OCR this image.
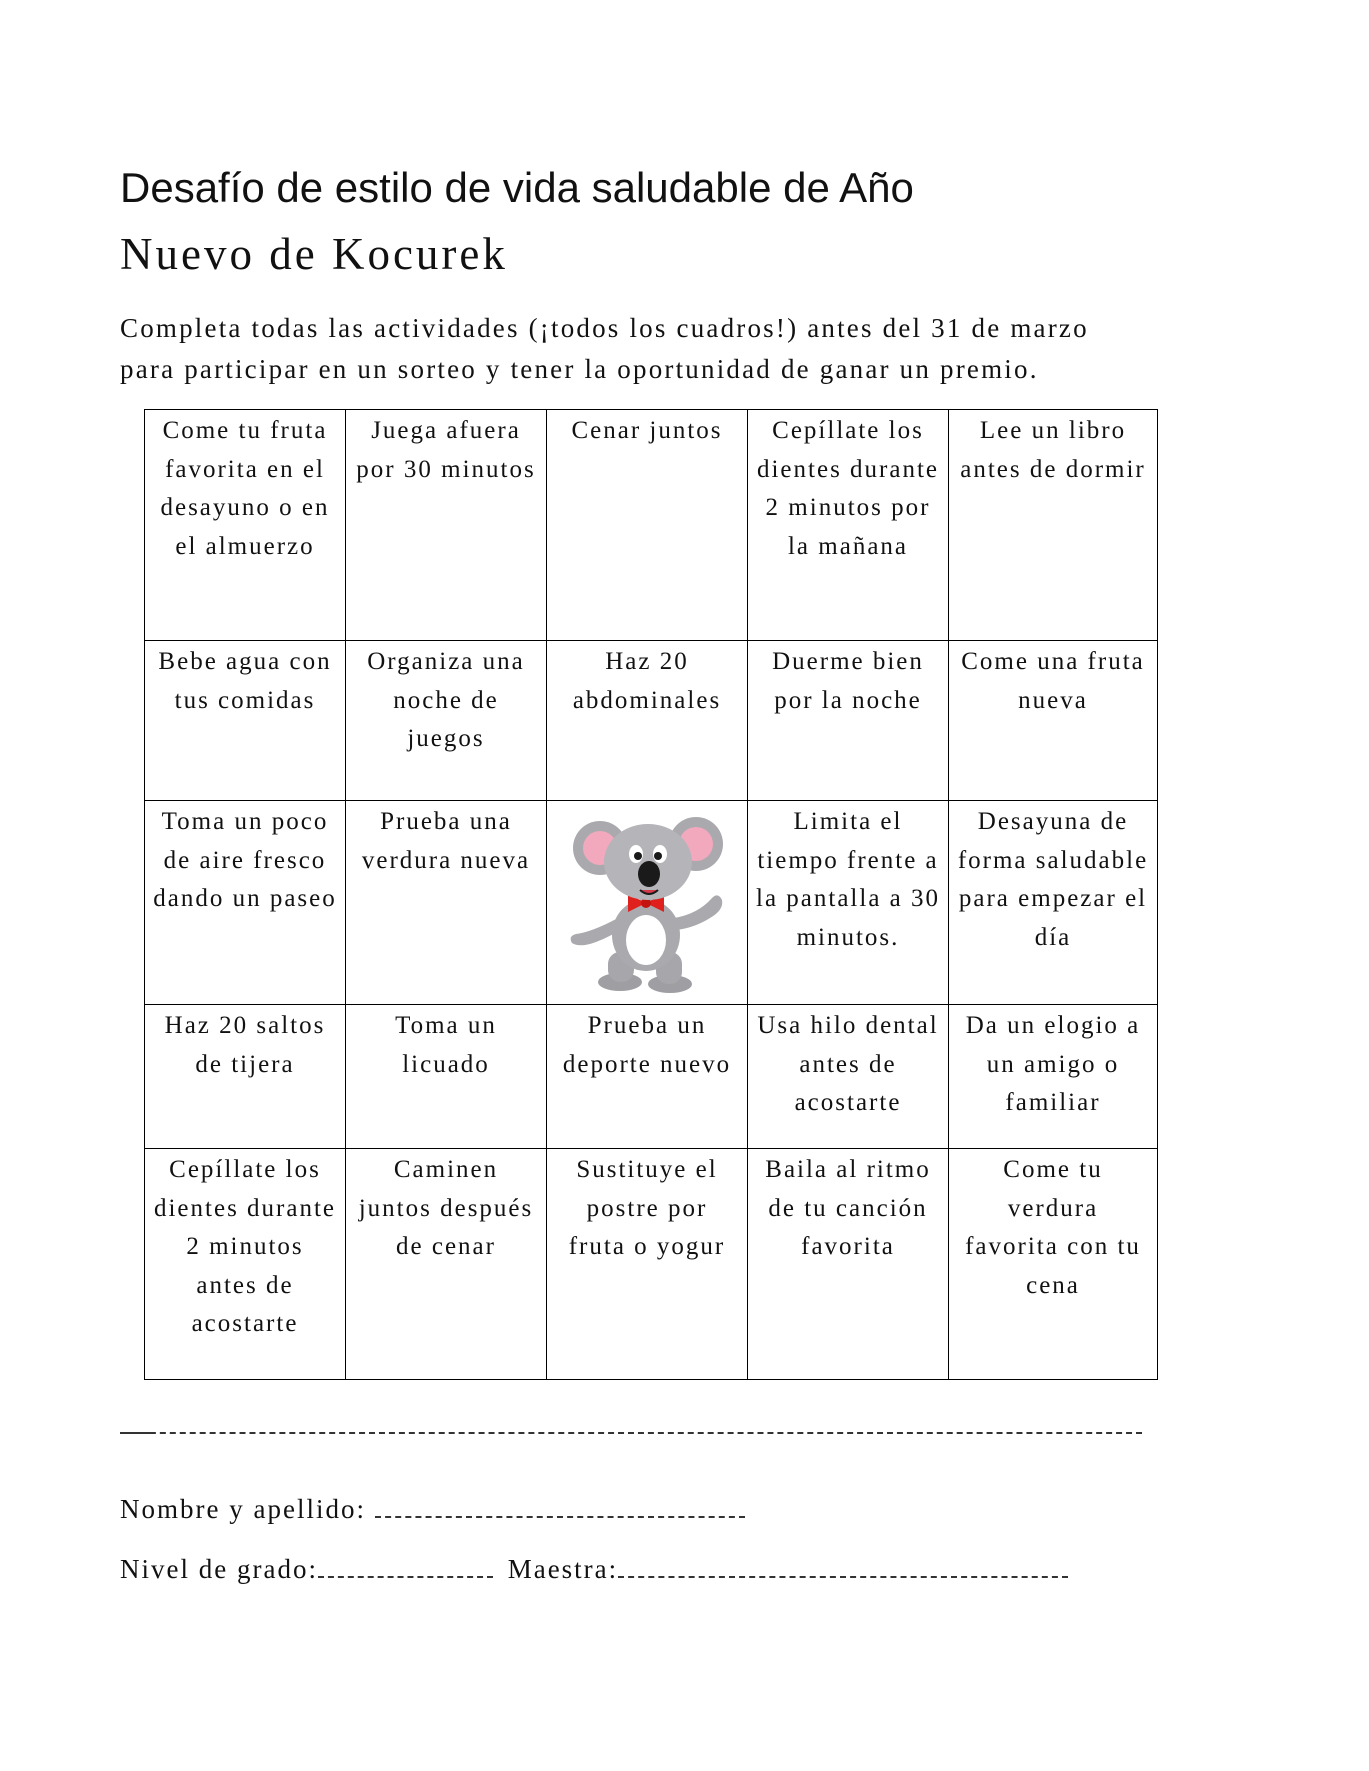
Desafío de estilo de vida saludable de Año
Nuevo de Kocurek
Completa todas las actividades (¡todos los cuadros!) antes del 31 de marzo
para participar en un sorteo y tener la oportunidad de ganar un premio.
Come tu fruta favorita en el desayuno o en el almuerzo	Juega afuera por 30 minutos	Cenar juntos	Cepíllate los dientes durante 2 minutos por la mañana	Lee un libro antes de dormir

Bebe agua con tus comidas	Organiza una noche de juegos	Haz 20 abdominales	Duerme bien por la noche	Come una fruta nueva

Toma un poco de aire fresco dando un paseo	Prueba una verdura nueva		Limita el tiempo frente a la pantalla a 30 minutos.	Desayuna de forma saludable para empezar el día

Haz 20 saltos de tijera	Toma un licuado	Prueba un deporte nuevo	Usa hilo dental antes de acostarte	Da un elogio a un amigo o familiar

Cepíllate los dientes durante 2 minutos antes de acostarte	Caminen juntos después de cenar	Sustituye el postre por fruta o yogur	Baila al ritmo de tu canción favorita	Come tu verdura favorita con tu cena
Nombre y apellido:
Nivel de grado:	Maestra:
